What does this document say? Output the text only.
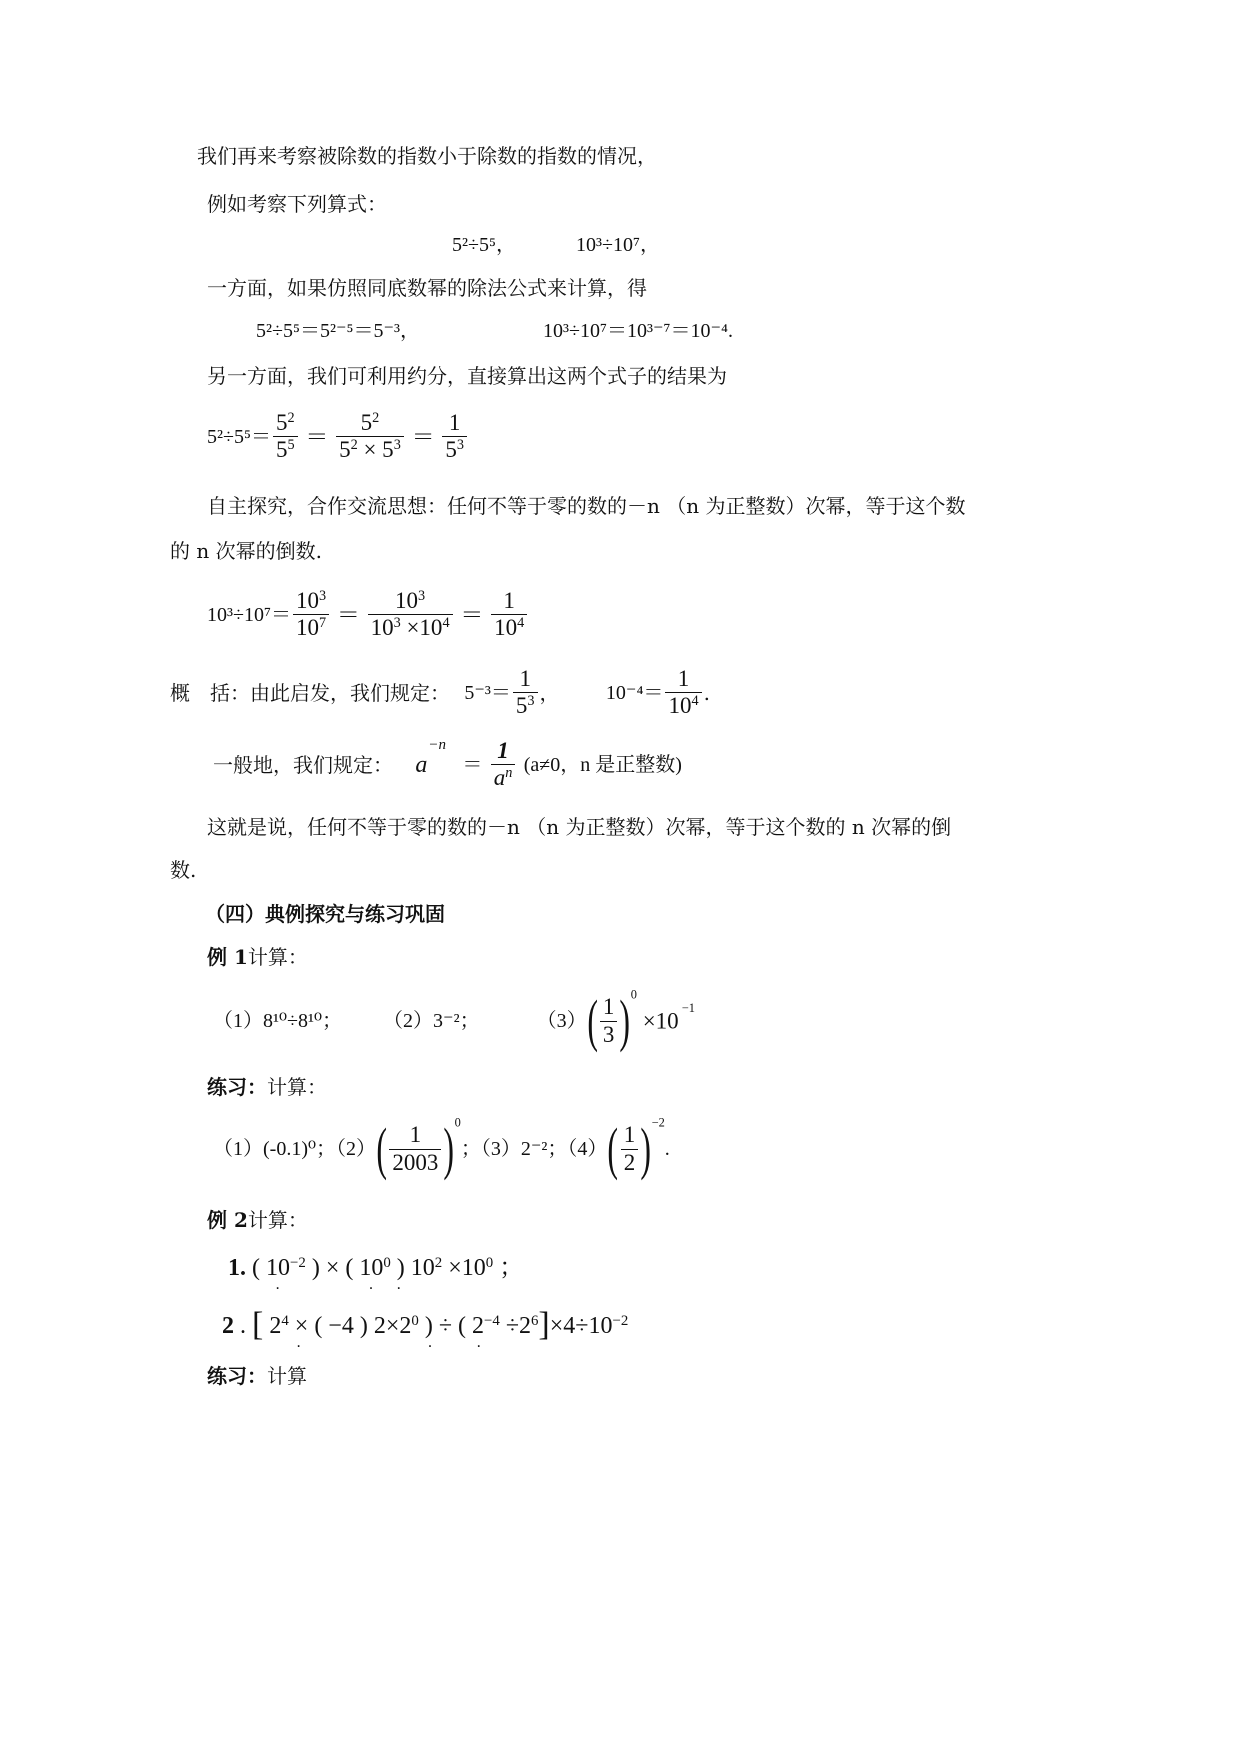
我们再来考察被除数的指数小于除数的指数的情况，
例如考察下列算式：
5²÷5⁵，	10³÷10⁷，
一方面，如果仿照同底数幂的除法公式来计算，得
5²÷5⁵＝5²⁻⁵＝5⁻³，	10³÷10⁷＝10³⁻⁷＝10⁻⁴.
另一方面，我们可利用约分，直接算出这两个式子的结果为
$5^2\div 5^5= \frac{5^2}{5^5} = \frac{5^2}{5^2 \times 5^3} = \frac{1}{5^3}$
自主探究，合作交流思想：任何不等于零的数的－n （n 为正整数）次幂，等于这个数
的 n 次幂的倒数.
$10^3\div 10^7= \frac{10^3}{10^7} = \frac{10^3}{10^3 \times 10^4} = \frac{1}{10^4}$
概　括：由此启发，我们规定： $5^{-3}= \frac{1}{5^3}$ ， $10^{-4}= \frac{1}{10^4}$ .
一般地，我们规定： $a^{-n} = \frac{1}{a^n} (a\ne 0$，n 是正整数)
这就是说，任何不等于零的数的－n （n 为正整数）次幂，等于这个数的 n 次幂的倒
数.
（四）典例探究与练习巩固
例 1计算：
（1）8¹⁰÷8¹⁰； （2）3⁻²；	$(3)( \frac{1}{3} )^0 \times 10$ $^{-1}$
练习：计算：
（1）(-0.1)⁰；$(2)( \frac{1}{2003} )^0$；（3）2⁻²；$(4)( \frac{1}{2} )^{-2}$.
例 2计算：
1. ( 10 .$^{-2}$ ) × ( 10 .$^0$ ) $10^2 \times 10^0$ ；
2 . [ $2^4$ × . ( −4 ) $2\times 2^0$ ) . ÷ ( 2 $.^{-4} \div 2^6]\times 4\div 10^{-2}$
练习：计算
